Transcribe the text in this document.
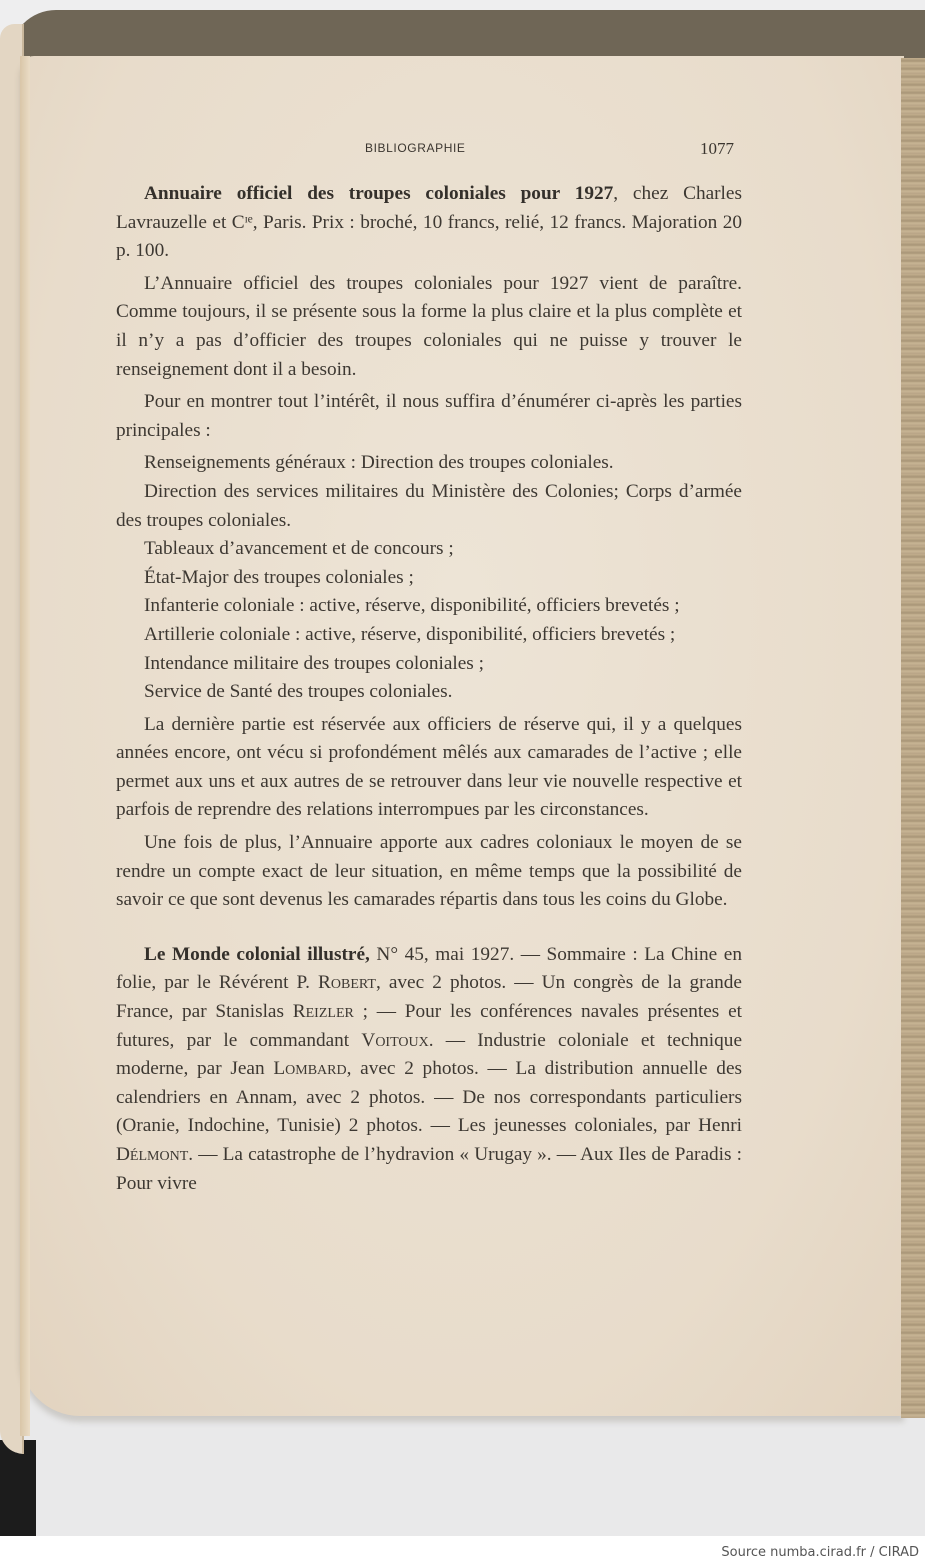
BIBLIOGRAPHIE	1077

Annuaire officiel des troupes coloniales pour 1927, chez Charles Lavrauzelle et Cᶦᵉ, Paris. Prix : broché, 10 francs, relié, 12 francs. Majoration 20 p. 100.

L’Annuaire officiel des troupes coloniales pour 1927 vient de paraître. Comme toujours, il se présente sous la forme la plus claire et la plus complète et il n’y a pas d’officier des troupes coloniales qui ne puisse y trouver le renseignement dont il a besoin.

Pour en montrer tout l’intérêt, il nous suffira d’énumérer ci-après les parties principales :

Renseignements généraux : Direction des troupes coloniales.

Direction des services militaires du Ministère des Colonies; Corps d’armée des troupes coloniales.

Tableaux d’avancement et de concours ;

État-Major des troupes coloniales ;

Infanterie coloniale : active, réserve, disponibilité, officiers brevetés ;

Artillerie coloniale : active, réserve, disponibilité, officiers brevetés ;

Intendance militaire des troupes coloniales ;

Service de Santé des troupes coloniales.

La dernière partie est réservée aux officiers de réserve qui, il y a quelques années encore, ont vécu si profondément mêlés aux camarades de l’active ; elle permet aux uns et aux autres de se retrouver dans leur vie nouvelle respective et parfois de reprendre des relations interrompues par les circonstances.

Une fois de plus, l’Annuaire apporte aux cadres coloniaux le moyen de se rendre un compte exact de leur situation, en même temps que la possibilité de savoir ce que sont devenus les camarades répartis dans tous les coins du Globe.

Le Monde colonial illustré, N° 45, mai 1927. — Sommaire : La Chine en folie, par le Révérent P. Robert, avec 2 photos. — Un congrès de la grande France, par Stanislas Reizler ; — Pour les conférences navales présentes et futures, par le commandant Voitoux. — Industrie coloniale et technique moderne, par Jean Lombard, avec 2 photos. — La distribution annuelle des calendriers en Annam, avec 2 photos. — De nos correspondants particuliers (Oranie, Indochine, Tunisie) 2 photos. — Les jeunesses coloniales, par Henri Délmont. — La catastrophe de l’hydravion « Urugay ». — Aux Iles de Paradis : Pour vivre

Source numba.cirad.fr / CIRAD
